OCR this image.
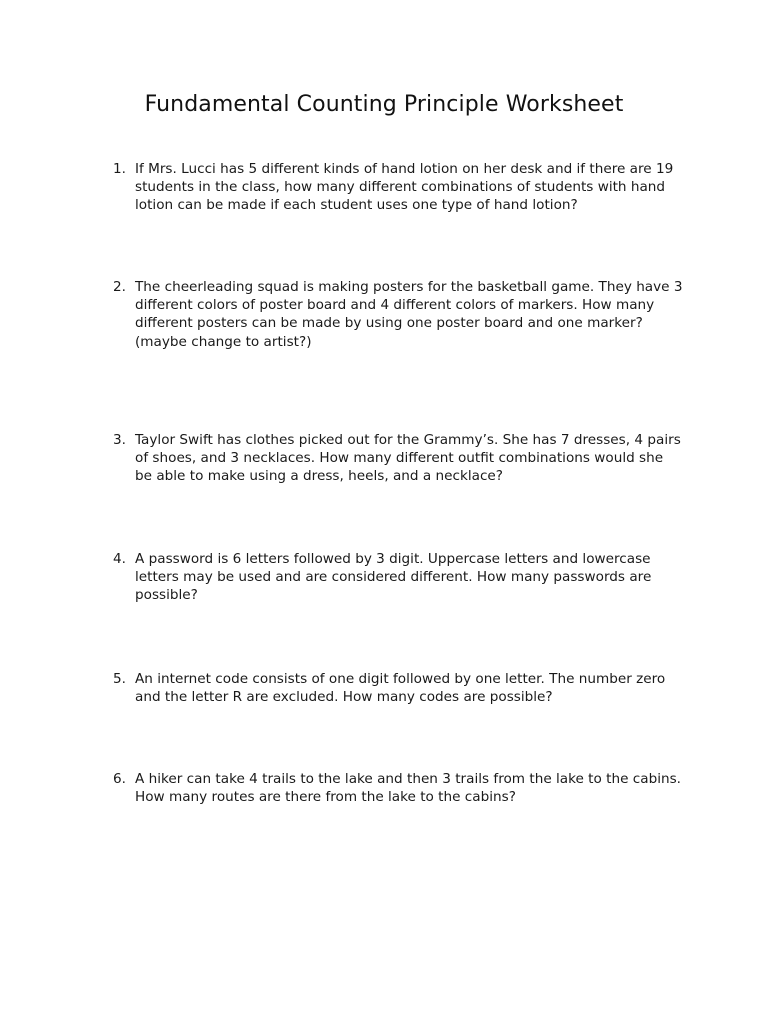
Fundamental Counting Principle Worksheet
1. If Mrs. Lucci has 5 different kinds of hand lotion on her desk and if there are 19 students in the class, how many different combinations of students with hand lotion can be made if each student uses one type of hand lotion?
2. The cheerleading squad is making posters for the basketball game. They have 3 different colors of poster board and 4 different colors of markers. How many different posters can be made by using one poster board and one marker? (maybe change to artist?)
3. Taylor Swift has clothes picked out for the Grammy’s. She has 7 dresses, 4 pairs of shoes, and 3 necklaces. How many different outfit combinations would she be able to make using a dress, heels, and a necklace?
4. A password is 6 letters followed by 3 digit. Uppercase letters and lowercase letters may be used and are considered different. How many passwords are possible?
5. An internet code consists of one digit followed by one letter. The number zero and the letter R are excluded. How many codes are possible?
6. A hiker can take 4 trails to the lake and then 3 trails from the lake to the cabins. How many routes are there from the lake to the cabins?
